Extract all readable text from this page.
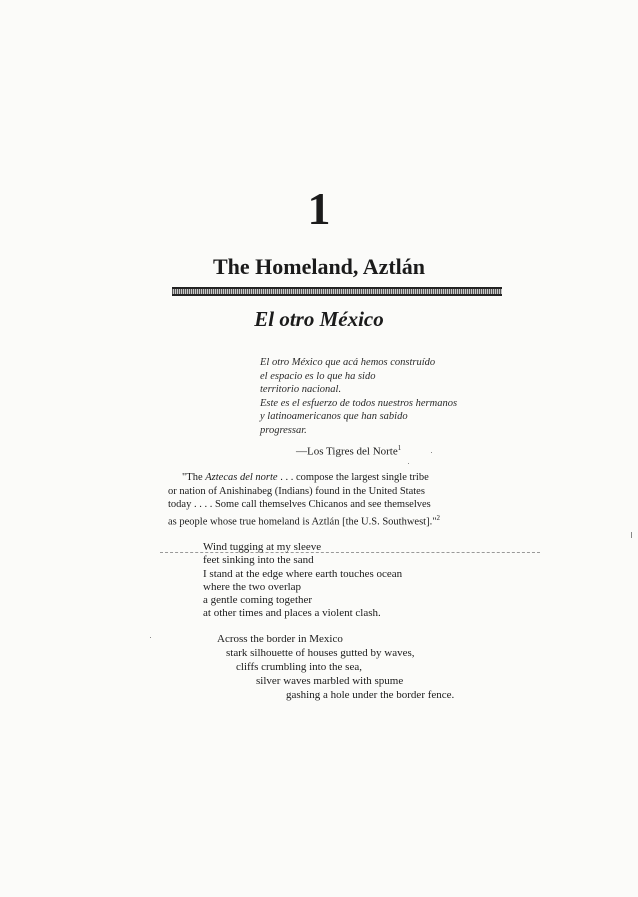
1
The Homeland, Aztlán
El otro México
El otro México que acá hemos construído
el espacio es lo que ha sido
territorio nacional.
Este es el esfuerzo de todos nuestros hermanos
y latinoamericanos que han sabido
progressar.
—Los Tigres del Norte$^1$
"The Aztecas del norte . . . compose the largest single tribe
or nation of Anishinabeg (Indians) found in the United States
today . . . . Some call themselves Chicanos and see themselves
as people whose true homeland is Aztlán [the U.S. Southwest]."$^2$
Wind tugging at my sleeve
feet sinking into the sand
I stand at the edge where earth touches ocean
where the two overlap
a gentle coming together
at other times and places a violent clash.
Across the border in Mexico
stark silhouette of houses gutted by waves,
cliffs crumbling into the sea,
silver waves marbled with spume
gashing a hole under the border fence.
